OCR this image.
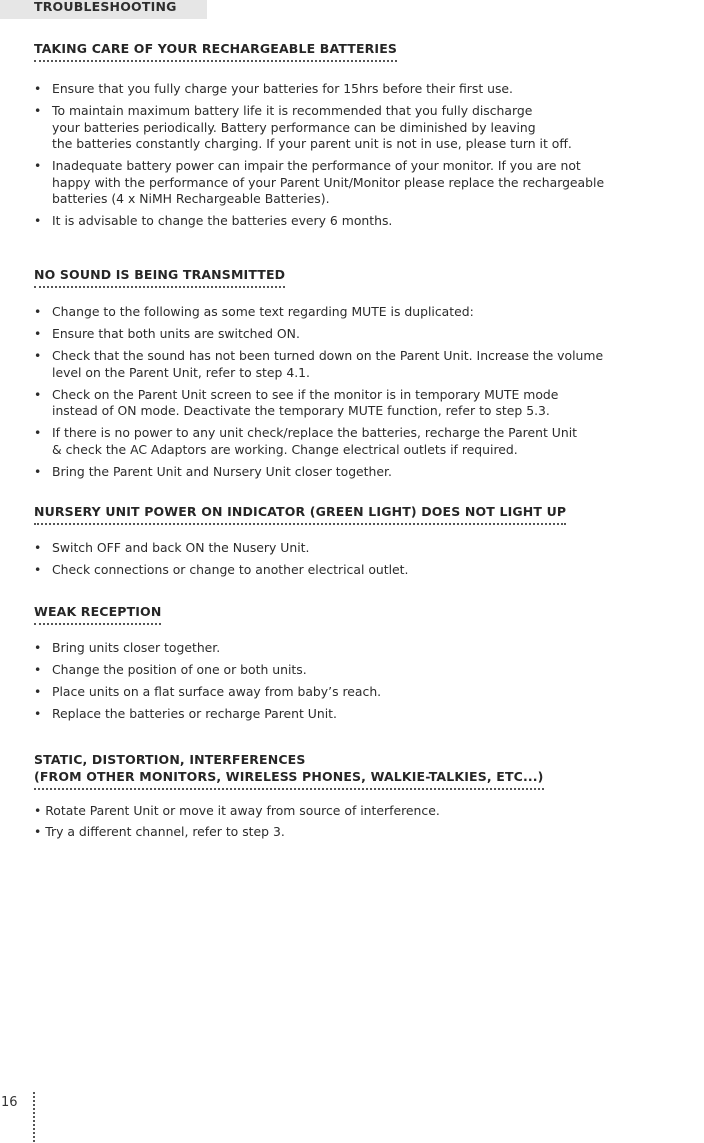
TROUBLESHOOTING
TAKING CARE OF YOUR RECHARGEABLE BATTERIES
• Ensure that you fully charge your batteries for 15hrs before their first use.
• To maintain maximum battery life it is recommended that you fully discharge
your batteries periodically. Battery performance can be diminished by leaving
the batteries constantly charging. If your parent unit is not in use, please turn it off.
• Inadequate battery power can impair the performance of your monitor. If you are not
happy with the performance of your Parent Unit/Monitor please replace the rechargeable
batteries (4 x NiMH Rechargeable Batteries).
• It is advisable to change the batteries every 6 months.
NO SOUND IS BEING TRANSMITTED
• Change to the following as some text regarding MUTE is duplicated:
• Ensure that both units are switched ON.
• Check that the sound has not been turned down on the Parent Unit. Increase the volume
level on the Parent Unit, refer to step 4.1.
• Check on the Parent Unit screen to see if the monitor is in temporary MUTE mode
instead of ON mode. Deactivate the temporary MUTE function, refer to step 5.3.
• If there is no power to any unit check/replace the batteries, recharge the Parent Unit
& check the AC Adaptors are working. Change electrical outlets if required.
• Bring the Parent Unit and Nursery Unit closer together.
NURSERY UNIT POWER ON INDICATOR (GREEN LIGHT) DOES NOT LIGHT UP
• Switch OFF and back ON the Nusery Unit.
• Check connections or change to another electrical outlet.
WEAK RECEPTION
• Bring units closer together.
• Change the position of one or both units.
• Place units on a flat surface away from baby’s reach.
• Replace the batteries or recharge Parent Unit.
STATIC, DISTORTION, INTERFERENCES
(FROM OTHER MONITORS, WIRELESS PHONES, WALKIE-TALKIES, ETC...)
• Rotate Parent Unit or move it away from source of interference.
• Try a different channel, refer to step 3.
16
